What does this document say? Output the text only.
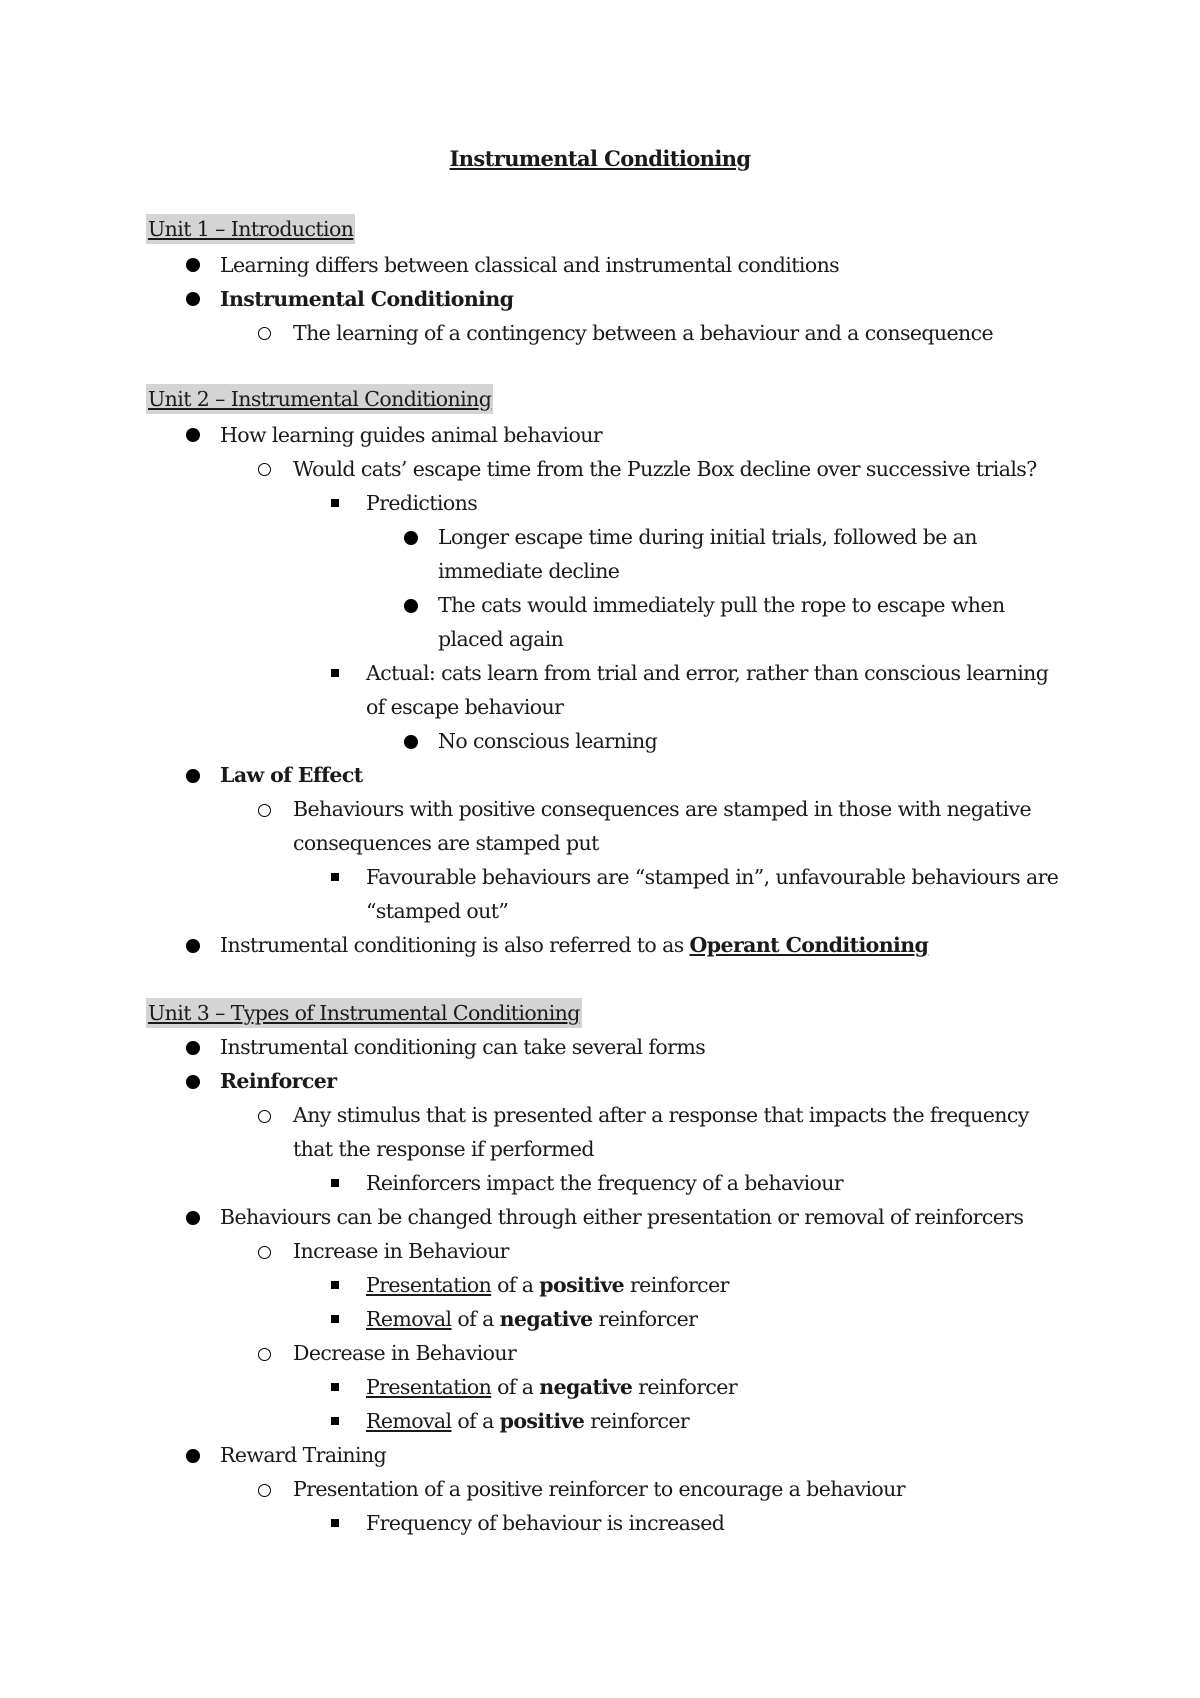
Instrumental Conditioning
Unit 1 – Introduction
Learning differs between classical and instrumental conditions
Instrumental Conditioning
The learning of a contingency between a behaviour and a consequence
Unit 2 – Instrumental Conditioning
How learning guides animal behaviour
Would cats’ escape time from the Puzzle Box decline over successive trials?
Predictions
Longer escape time during initial trials, followed be an
immediate decline
The cats would immediately pull the rope to escape when
placed again
Actual: cats learn from trial and error, rather than conscious learning
of escape behaviour
No conscious learning
Law of Effect
Behaviours with positive consequences are stamped in those with negative
consequences are stamped put
Favourable behaviours are “stamped in”, unfavourable behaviours are
“stamped out”
Instrumental conditioning is also referred to as Operant Conditioning
Unit 3 – Types of Instrumental Conditioning
Instrumental conditioning can take several forms
Reinforcer
Any stimulus that is presented after a response that impacts the frequency
that the response if performed
Reinforcers impact the frequency of a behaviour
Behaviours can be changed through either presentation or removal of reinforcers
Increase in Behaviour
Presentation of a positive reinforcer
Removal of a negative reinforcer
Decrease in Behaviour
Presentation of a negative reinforcer
Removal of a positive reinforcer
Reward Training
Presentation of a positive reinforcer to encourage a behaviour
Frequency of behaviour is increased
